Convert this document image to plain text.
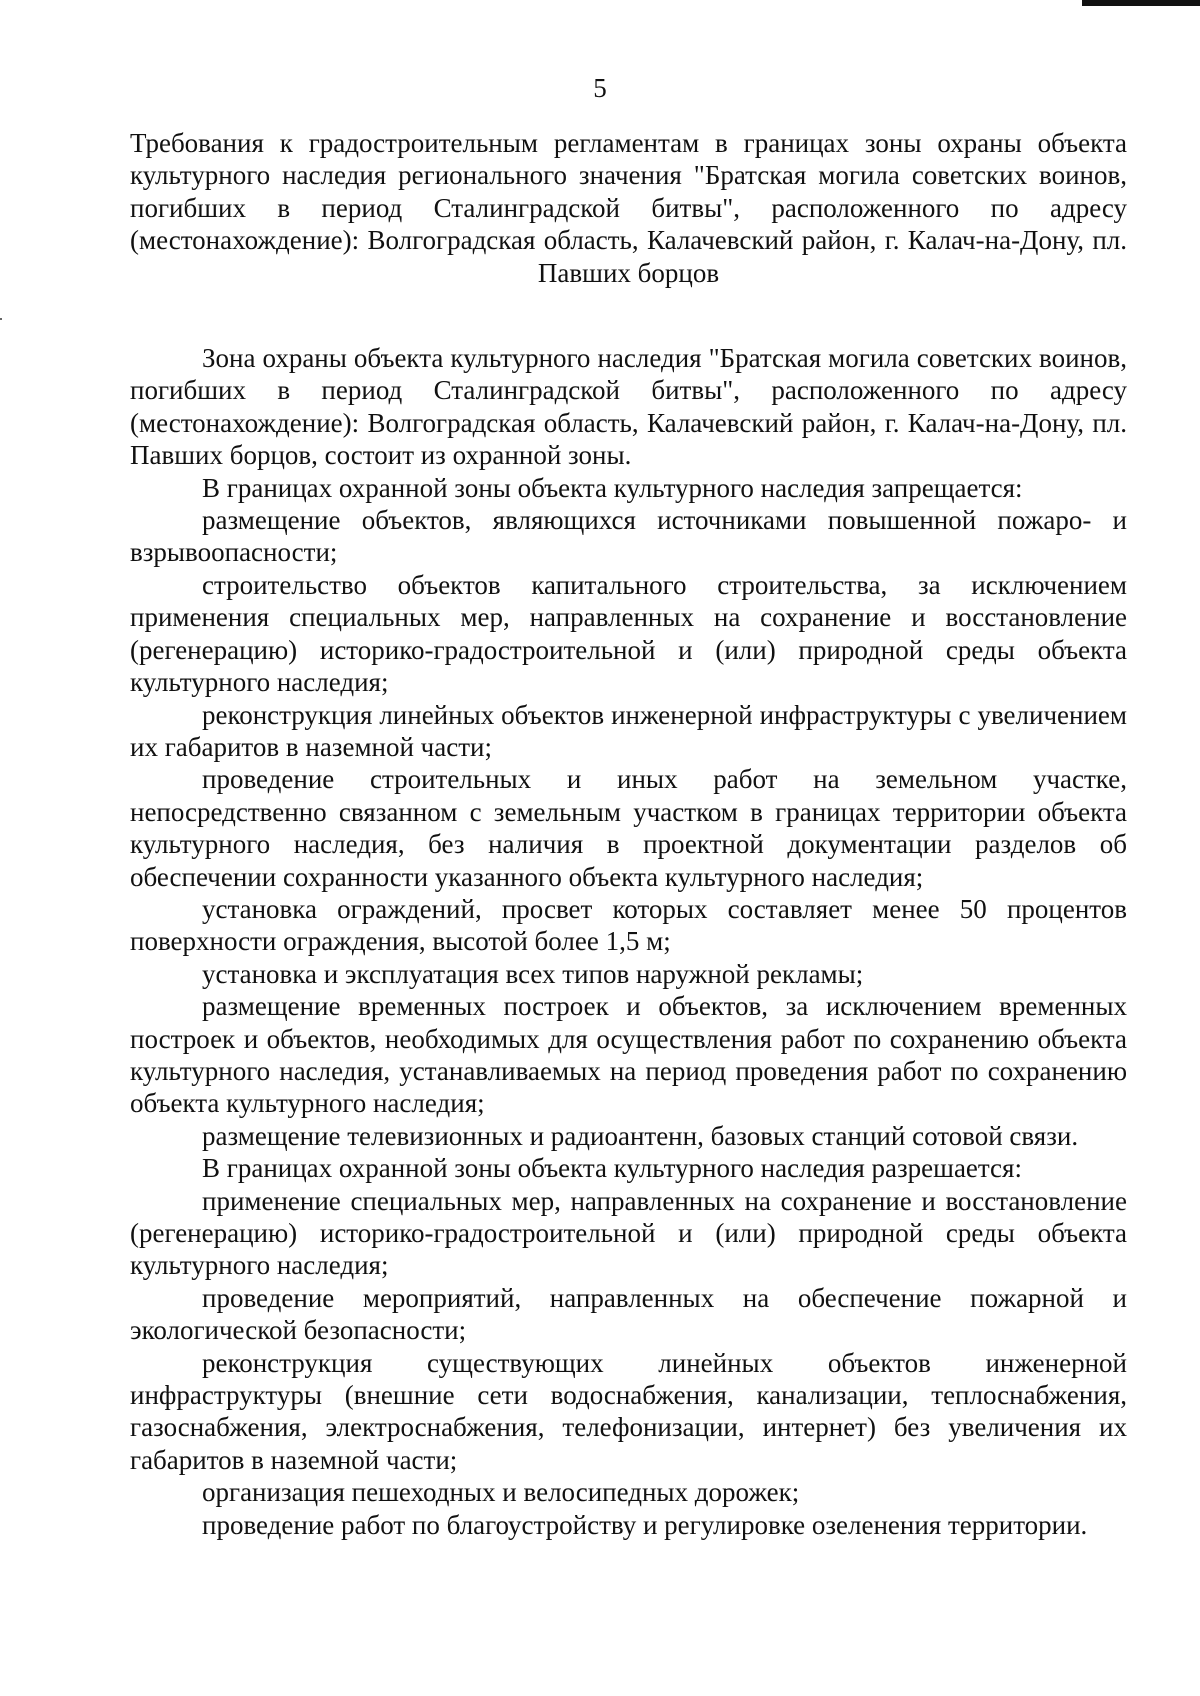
5
Требования к градостроительным регламентам в границах зоны охраны объекта культурного наследия регионального значения "Братская могила советских воинов, погибших в период Сталинградской битвы", расположенного по адресу (местонахождение): Волгоградская область, Калачевский район, г. Калач-на-Дону, пл. Павших борцов

Зона охраны объекта культурного наследия "Братская могила советских воинов, погибших в период Сталинградской битвы", расположенного по адресу (местонахождение): Волгоградская область, Калачевский район, г. Калач-на-Дону, пл. Павших борцов, состоит из охранной зоны.

В границах охранной зоны объекта культурного наследия запрещается:

размещение объектов, являющихся источниками повышенной пожаро- и взрывоопасности;

строительство объектов капитального строительства, за исключением применения специальных мер, направленных на сохранение и восстановление (регенерацию) историко-градостроительной и (или) природной среды объекта культурного наследия;

реконструкция линейных объектов инженерной инфраструктуры с увеличением их габаритов в наземной части;

проведение строительных и иных работ на земельном участке, непосредственно связанном с земельным участком в границах территории объекта культурного наследия, без наличия в проектной документации разделов об обеспечении сохранности указанного объекта культурного наследия;

установка ограждений, просвет которых составляет менее 50 процентов поверхности ограждения, высотой более 1,5 м;

установка и эксплуатация всех типов наружной рекламы;

размещение временных построек и объектов, за исключением временных построек и объектов, необходимых для осуществления работ по сохранению объекта культурного наследия, устанавливаемых на период проведения работ по сохранению объекта культурного наследия;

размещение телевизионных и радиоантенн, базовых станций сотовой связи.

В границах охранной зоны объекта культурного наследия разрешается:

применение специальных мер, направленных на сохранение и восстановление (регенерацию) историко-градостроительной и (или) природной среды объекта культурного наследия;

проведение мероприятий, направленных на обеспечение пожарной и экологической безопасности;

реконструкция существующих линейных объектов инженерной инфраструктуры (внешние сети водоснабжения, канализации, теплоснабжения, газоснабжения, электроснабжения, телефонизации, интернет) без увеличения их габаритов в наземной части;

организация пешеходных и велосипедных дорожек;

проведение работ по благоустройству и регулировке озеленения территории.
